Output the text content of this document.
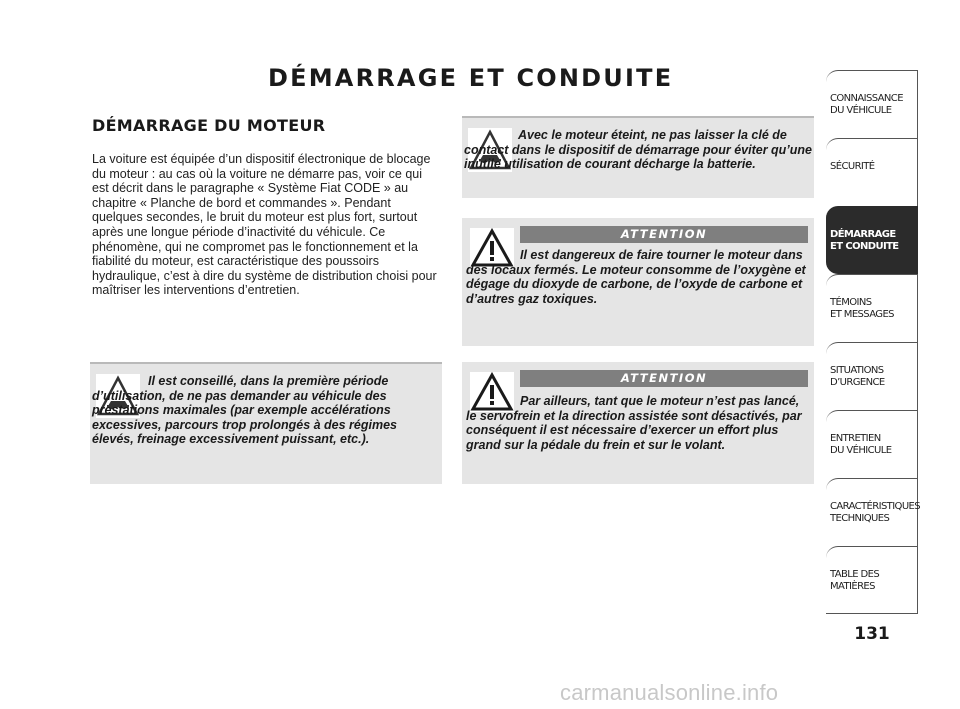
DÉMARRAGE ET CONDUITE
DÉMARRAGE DU MOTEUR
La voiture est équipée d’un dispositif électronique de blocage du moteur : au cas où la voiture ne démarre pas, voir ce qui est décrit dans le paragraphe « Système Fiat CODE » au chapitre « Planche de bord et commandes ». Pendant quelques secondes, le bruit du moteur est plus fort, surtout après une longue période d’inactivité du véhicule. Ce phénomène, qui ne compromet pas le fonctionnement et la fiabilité du moteur, est caractéristique des poussoirs hydraulique, c’est à dire du système de distribution choisi pour maîtriser les interventions d’entretien.
Il est conseillé, dans la première période d’utilisation, de ne pas demander au véhicule des prestations maximales (par exemple accélérations excessives, parcours trop prolongés à des régimes élevés, freinage excessivement puissant, etc.).
Avec le moteur éteint, ne pas laisser la clé de contact dans le dispositif de démarrage pour éviter qu’une inutile utilisation de courant décharge la batterie.
ATTENTION
Il est dangereux de faire tourner le moteur dans des locaux fermés. Le moteur consomme de l’oxygène et dégage du dioxyde de carbone, de l’oxyde de carbone et d’autres gaz toxiques.
ATTENTION
Par ailleurs, tant que le moteur n’est pas lancé, le servofrein et la direction assistée sont désactivés, par conséquent il est nécessaire d’exercer un effort plus grand sur la pédale du frein et sur le volant.
CONNAISSANCE
DU VÉHICULE
SÉCURITÉ
DÉMARRAGE
ET CONDUITE
TÉMOINS
ET MESSAGES
SITUATIONS
D’URGENCE
ENTRETIEN
DU VÉHICULE
CARACTÉRISTIQUES
TECHNIQUES
TABLE DES
MATIÈRES
131
carmanualsonline.info
